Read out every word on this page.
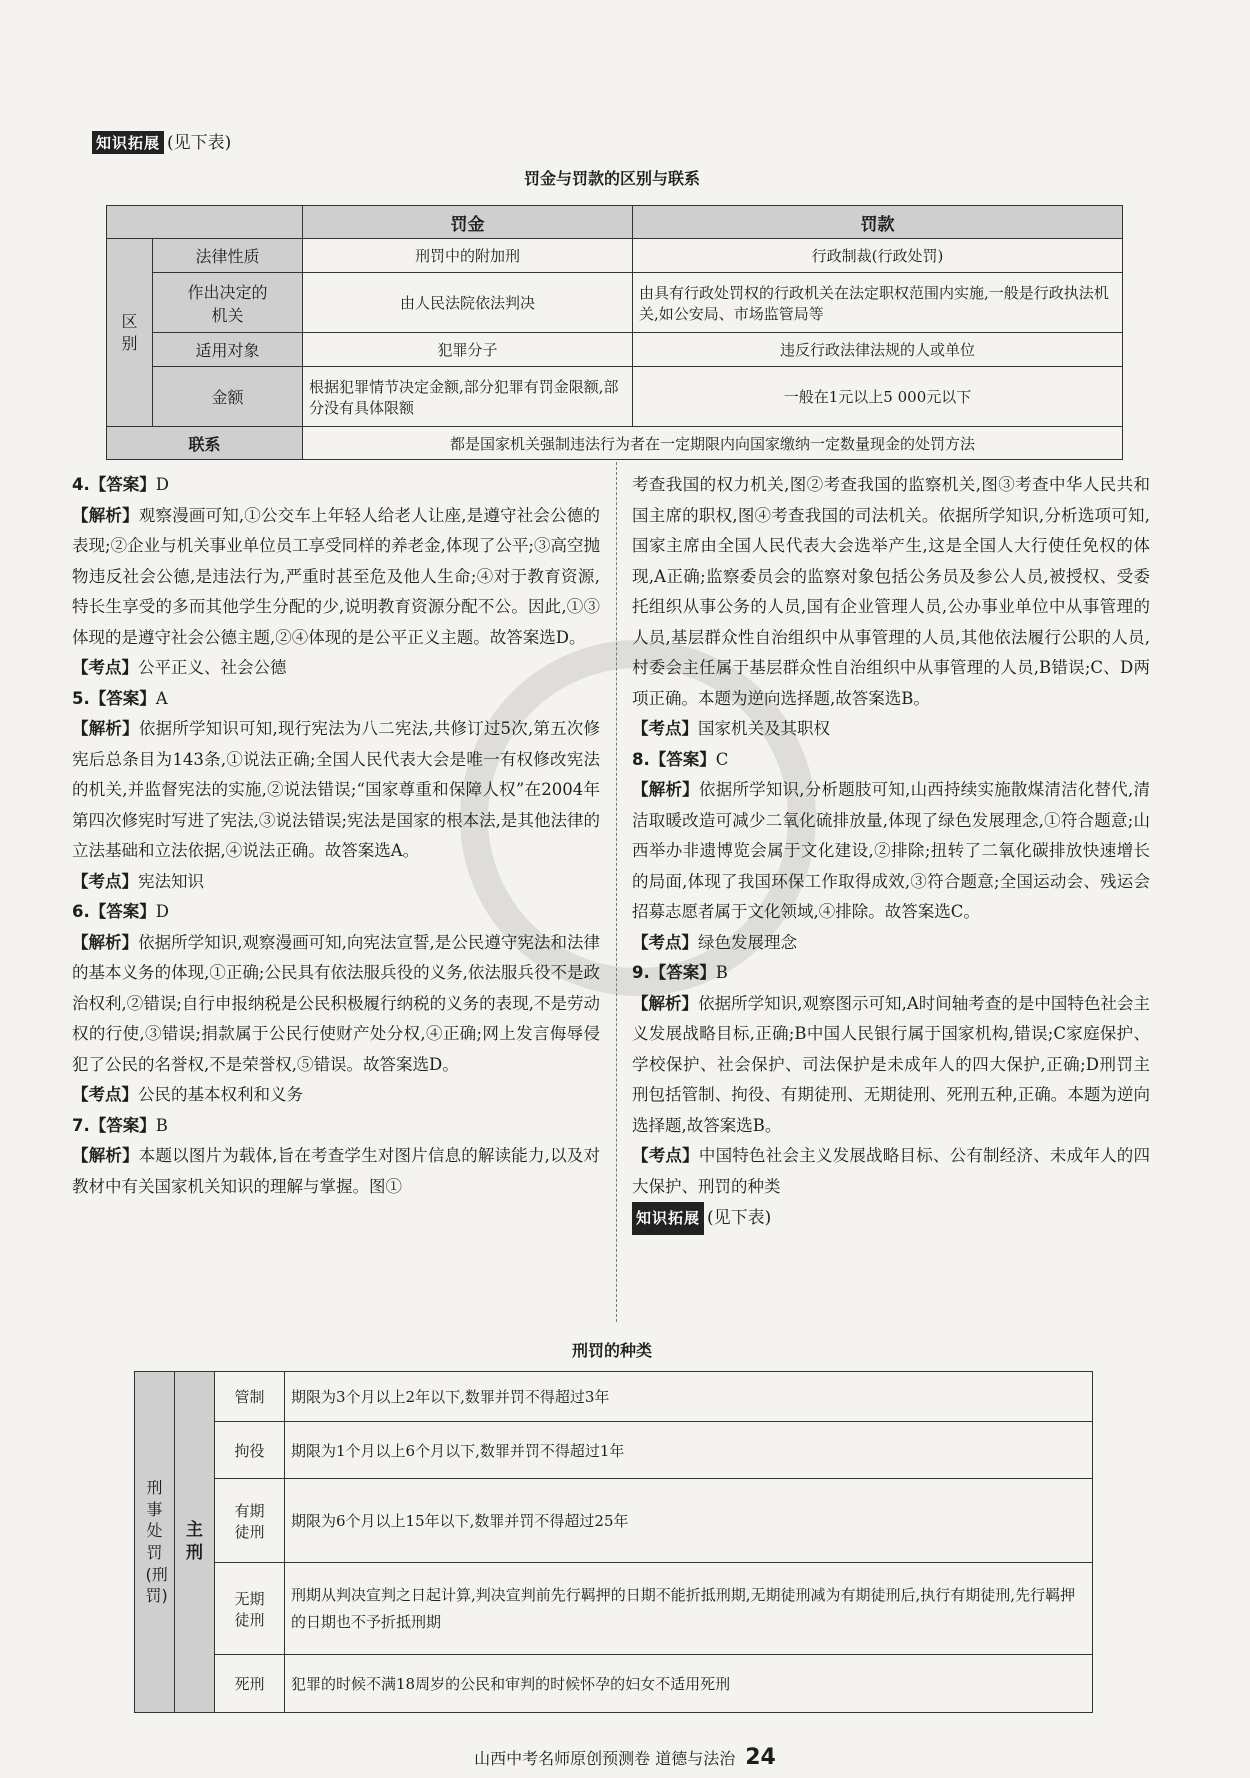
知识拓展 (见下表)
罚金与罚款的区别与联系
		罚金	罚款
区别	法律性质	刑罚中的附加刑	行政制裁(行政处罚)

	作出决定的机关	由人民法院依法判决	由具有行政处罚权的行政机关在法定职权范围内实施,一般是行政执法机关,如公安局、市场监管局等
	适用对象	犯罪分子	违反行政法律法规的人或单位
	金额	根据犯罪情节决定金额,部分犯罪有罚金限额,部分没有具体限额	一般在1元以上5 000元以下
联系		都是国家机关强制违法行为者在一定期限内向国家缴纳一定数量现金的处罚方法	

4.【答案】D

【解析】观察漫画可知,①公交车上年轻人给老人让座,是遵守社会公德的表现;②企业与机关事业单位员工享受同样的养老金,体现了公平;③高空抛物违反社会公德,是违法行为,严重时甚至危及他人生命;④对于教育资源,特长生享受的多而其他学生分配的少,说明教育资源分配不公。因此,①③体现的是遵守社会公德主题,②④体现的是公平正义主题。故答案选D。

【考点】公平正义、社会公德

5.【答案】A

【解析】依据所学知识可知,现行宪法为八二宪法,共修订过5次,第五次修宪后总条目为143条,①说法正确;全国人民代表大会是唯一有权修改宪法的机关,并监督宪法的实施,②说法错误;“国家尊重和保障人权”在2004年第四次修宪时写进了宪法,③说法错误;宪法是国家的根本法,是其他法律的立法基础和立法依据,④说法正确。故答案选A。

【考点】宪法知识

6.【答案】D

【解析】依据所学知识,观察漫画可知,向宪法宣誓,是公民遵守宪法和法律的基本义务的体现,①正确;公民具有依法服兵役的义务,依法服兵役不是政治权利,②错误;自行申报纳税是公民积极履行纳税的义务的表现,不是劳动权的行使,③错误;捐款属于公民行使财产处分权,④正确;网上发言侮辱侵犯了公民的名誉权,不是荣誉权,⑤错误。故答案选D。

【考点】公民的基本权利和义务

7.【答案】B

【解析】本题以图片为载体,旨在考查学生对图片信息的解读能力,以及对教材中有关国家机关知识的理解与掌握。图①

考查我国的权力机关,图②考查我国的监察机关,图③考查中华人民共和国主席的职权,图④考查我国的司法机关。依据所学知识,分析选项可知,国家主席由全国人民代表大会选举产生,这是全国人大行使任免权的体现,A正确;监察委员会的监察对象包括公务员及参公人员,被授权、受委托组织从事公务的人员,国有企业管理人员,公办事业单位中从事管理的人员,基层群众性自治组织中从事管理的人员,其他依法履行公职的人员,村委会主任属于基层群众性自治组织中从事管理的人员,B错误;C、D两项正确。本题为逆向选择题,故答案选B。

【考点】国家机关及其职权

8.【答案】C

【解析】依据所学知识,分析题肢可知,山西持续实施散煤清洁化替代,清洁取暖改造可减少二氧化硫排放量,体现了绿色发展理念,①符合题意;山西举办非遗博览会属于文化建设,②排除;扭转了二氧化碳排放快速增长的局面,体现了我国环保工作取得成效,③符合题意;全国运动会、残运会招募志愿者属于文化领域,④排除。故答案选C。

【考点】绿色发展理念

9.【答案】B

【解析】依据所学知识,观察图示可知,A时间轴考查的是中国特色社会主义发展战略目标,正确;B中国人民银行属于国家机构,错误;C家庭保护、学校保护、社会保护、司法保护是未成年人的四大保护,正确;D刑罚主刑包括管制、拘役、有期徒刑、无期徒刑、死刑五种,正确。本题为逆向选择题,故答案选B。

【考点】中国特色社会主义发展战略目标、公有制经济、未成年人的四大保护、刑罚的种类

知识拓展 (见下表)

刑罚的种类
刑事处罚(刑罚)	主刑	管制	期限为3个月以上2年以下,数罪并罚不得超过3年
		拘役	期限为1个月以上6个月以下,数罪并罚不得超过1年

		有期徒刑	期限为6个月以上15年以下,数罪并罚不得超过25年

		无期徒刑	刑期从判决宣判之日起计算,判决宣判前先行羁押的日期不能折抵刑期,无期徒刑减为有期徒刑后,执行有期徒刑,先行羁押的日期也不予折抵刑期
		死刑	犯罪的时候不满18周岁的公民和审判的时候怀孕的妇女不适用死刑
山西中考名师原创预测卷 道德与法治 24
